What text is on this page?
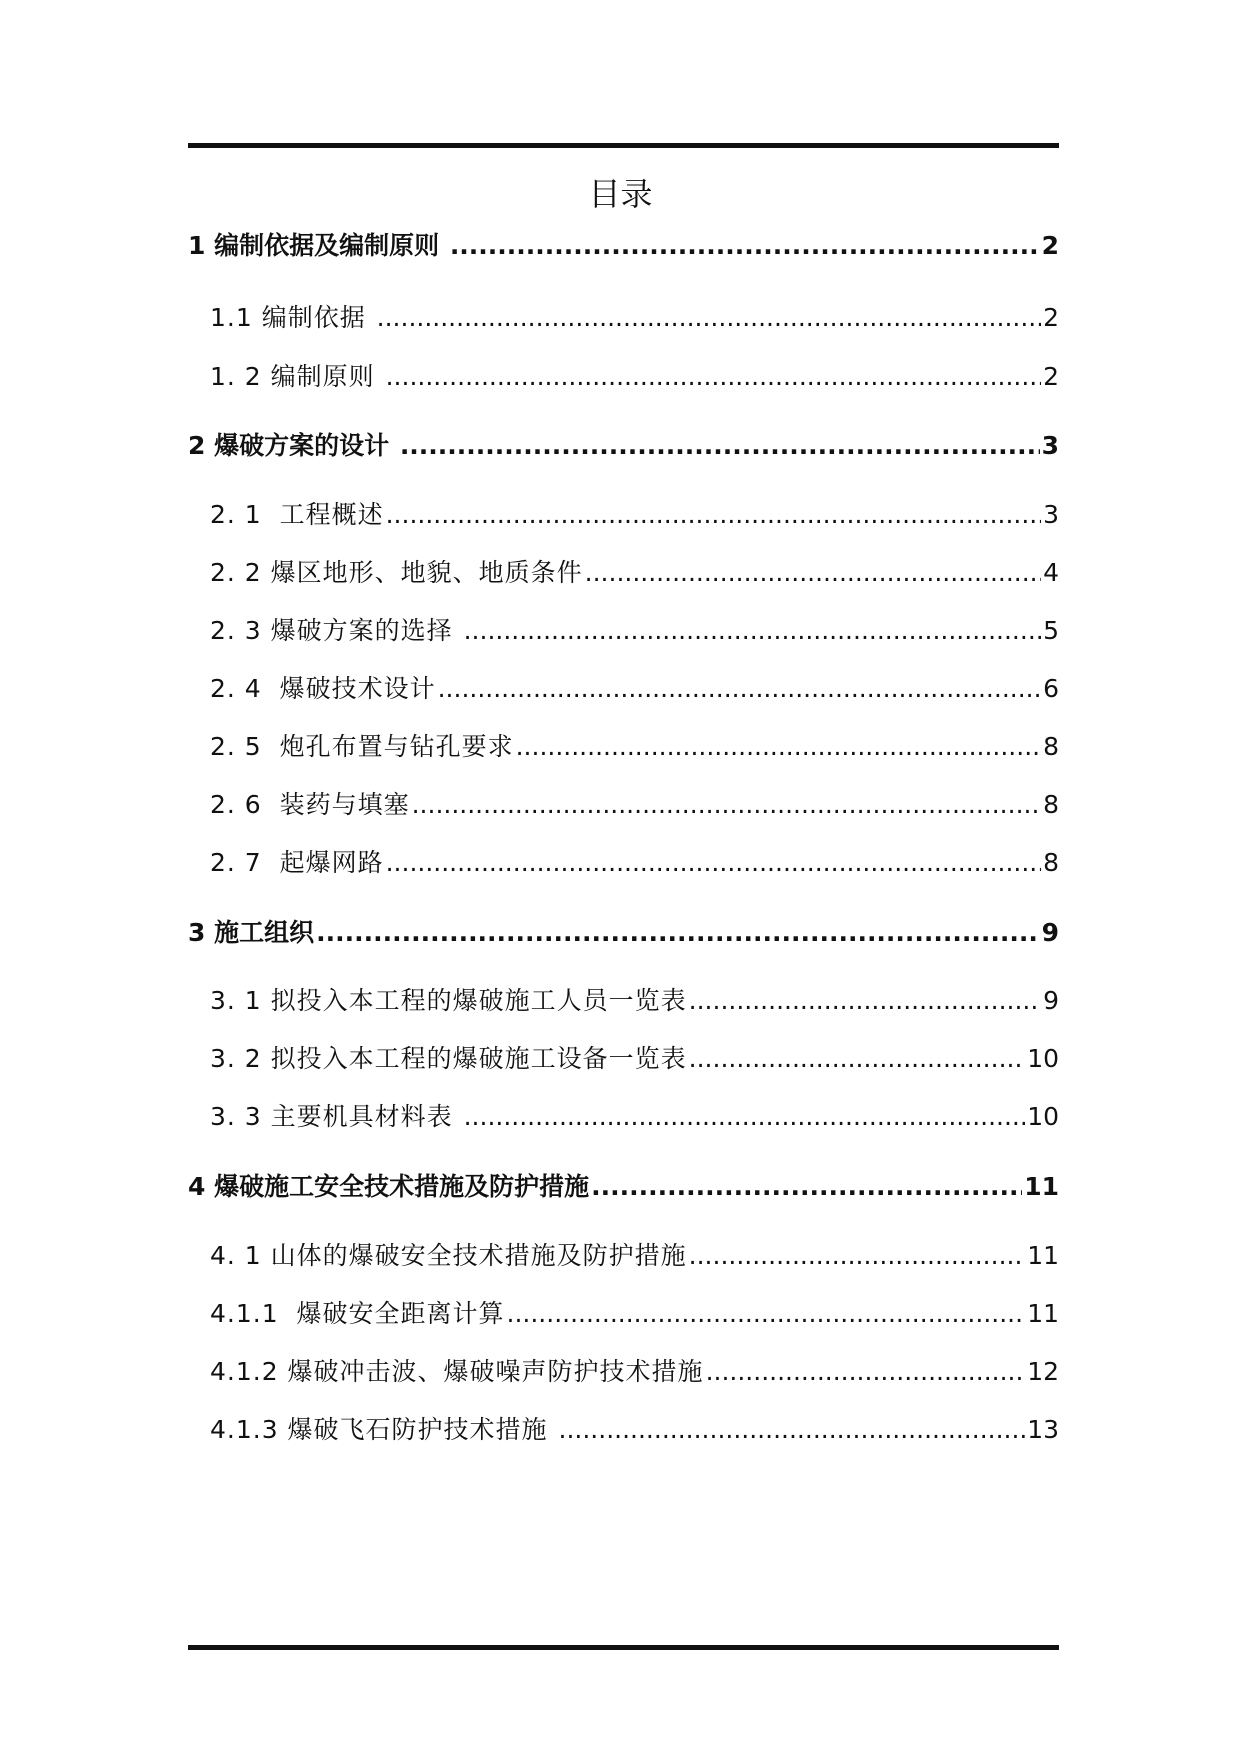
目录
1 编制依据及编制原则 .....	2
1.1 编制依据 .....	2
1. 2 编制原则 .....	2
2 爆破方案的设计 .....	3
2. 1  工程概述 .....	3
2. 2 爆区地形、地貌、地质条件 .....	4
2. 3 爆破方案的选择 .....	5
2. 4  爆破技术设计 .....	6
2. 5  炮孔布置与钻孔要求 .....	8
2. 6  装药与填塞 .....	8
2. 7  起爆网路 .....	8
3 施工组织 .....	9
3. 1 拟投入本工程的爆破施工人员一览表 .....	9
3. 2 拟投入本工程的爆破施工设备一览表 .....	10
3. 3 主要机具材料表 .....	10
4 爆破施工安全技术措施及防护措施 .....	11
4. 1 山体的爆破安全技术措施及防护措施 .....	11
4.1.1  爆破安全距离计算 .....	11
4.1.2 爆破冲击波、爆破噪声防护技术措施 .....	12
4.1.3 爆破飞石防护技术措施 .....	13
